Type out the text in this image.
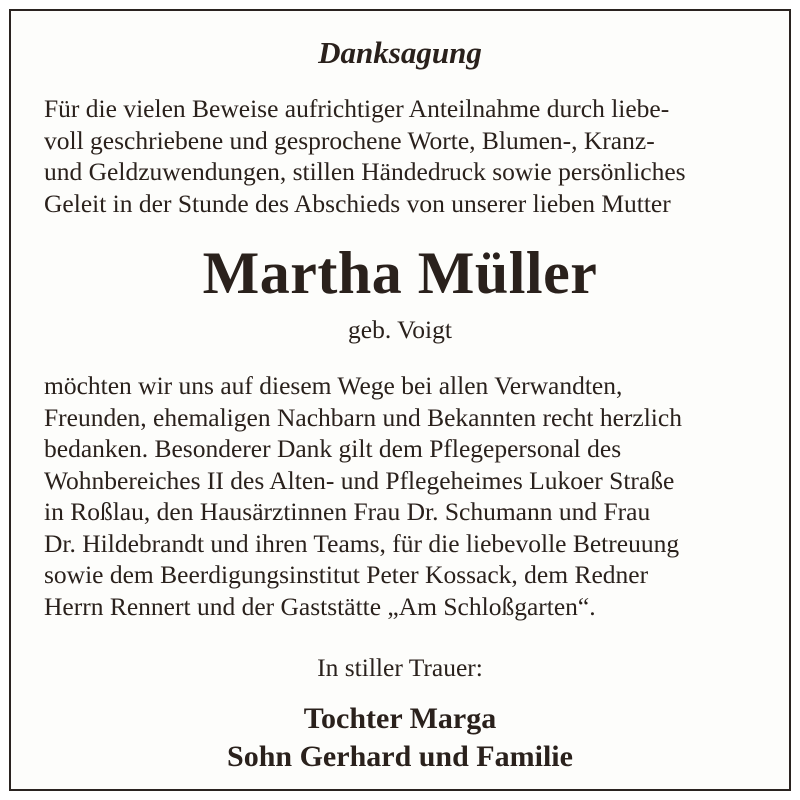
Danksagung
Für die vielen Beweise aufrichtiger Anteilnahme durch liebe-
voll geschriebene und gesprochene Worte, Blumen-, Kranz-
und Geldzuwendungen, stillen Händedruck sowie persönliches
Geleit in der Stunde des Abschieds von unserer lieben Mutter
Martha Müller
geb. Voigt
möchten wir uns auf diesem Wege bei allen Verwandten,
Freunden, ehemaligen Nachbarn und Bekannten recht herzlich
bedanken. Besonderer Dank gilt dem Pflegepersonal des
Wohnbereiches II des Alten- und Pflegeheimes Lukoer Straße
in Roßlau, den Hausärztinnen Frau Dr. Schumann und Frau
Dr. Hildebrandt und ihren Teams, für die liebevolle Betreuung
sowie dem Beerdigungsinstitut Peter Kossack, dem Redner
Herrn Rennert und der Gaststätte „Am Schloßgarten“.
In stiller Trauer:
Tochter Marga
Sohn Gerhard und Familie
